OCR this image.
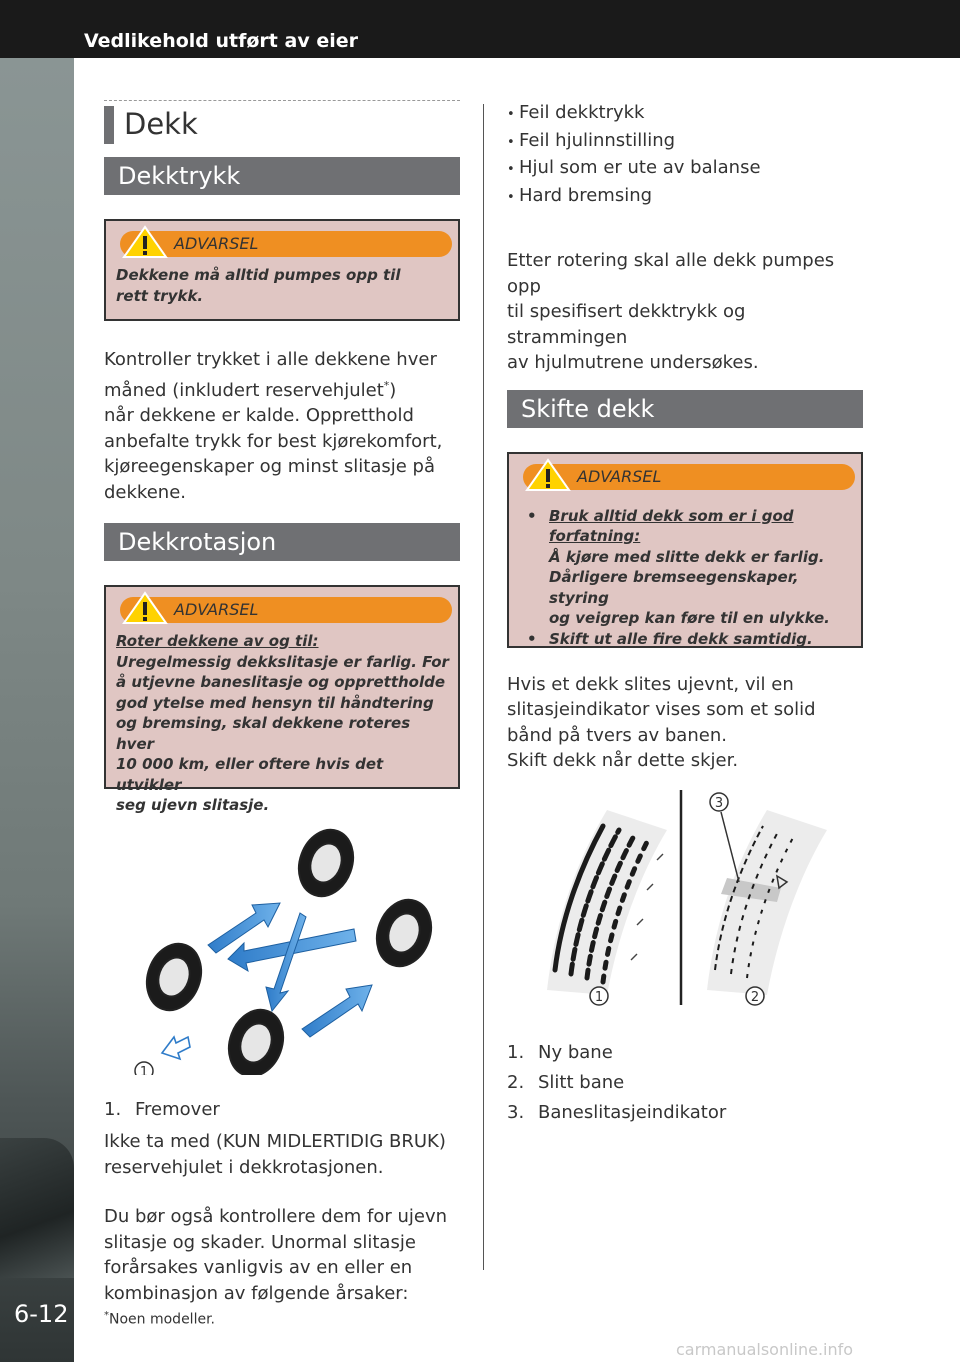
Vedlikehold utført av eier
6-12
Dekk
Dekktrykk
ADVARSEL
Dekkene må alltid pumpes opp til
rett trykk.
Kontroller trykket i alle dekkene hver
måned (inkludert reservehjulet*)
når dekkene er kalde. Oppretthold
anbefalte trykk for best kjørekomfort,
kjøreegenskaper og minst slitasje på
dekkene.
Dekkrotasjon
ADVARSEL
Roter dekkene av og til:
Uregelmessig dekkslitasje er farlig. For
å utjevne baneslitasje og opprettholde
god ytelse med hensyn til håndtering
og bremsing, skal dekkene roteres hver
10 000 km, eller oftere hvis det utvikler
seg ujevn slitasje.
1
1. Fremover
Ikke ta med (KUN MIDLERTIDIG BRUK)
reservehjulet i dekkrotasjonen.
Du bør også kontrollere dem for ujevn
slitasje og skader. Unormal slitasje
forårsakes vanligvis av en eller en
kombinasjon av følgende årsaker:
• Feil dekktrykk
• Feil hjulinnstilling
• Hjul som er ute av balanse
• Hard bremsing
Etter rotering skal alle dekk pumpes opp
til spesifisert dekktrykk og strammingen
av hjulmutrene undersøkes.
Skifte dekk
ADVARSEL
• Bruk alltid dekk som er i god
forfatning:
Å kjøre med slitte dekk er farlig.
Dårligere bremseegenskaper, styring
og veigrep kan føre til en ulykke.
• Skift ut alle fire dekk samtidig.
Hvis et dekk slites ujevnt, vil en
slitasjeindikator vises som et solid
bånd på tvers av banen.
Skift dekk når dette skjer.
3
1	2
1. Ny bane
2. Slitt bane
3. Baneslitasjeindikator
*Noen modeller.
carmanualsonline.info
